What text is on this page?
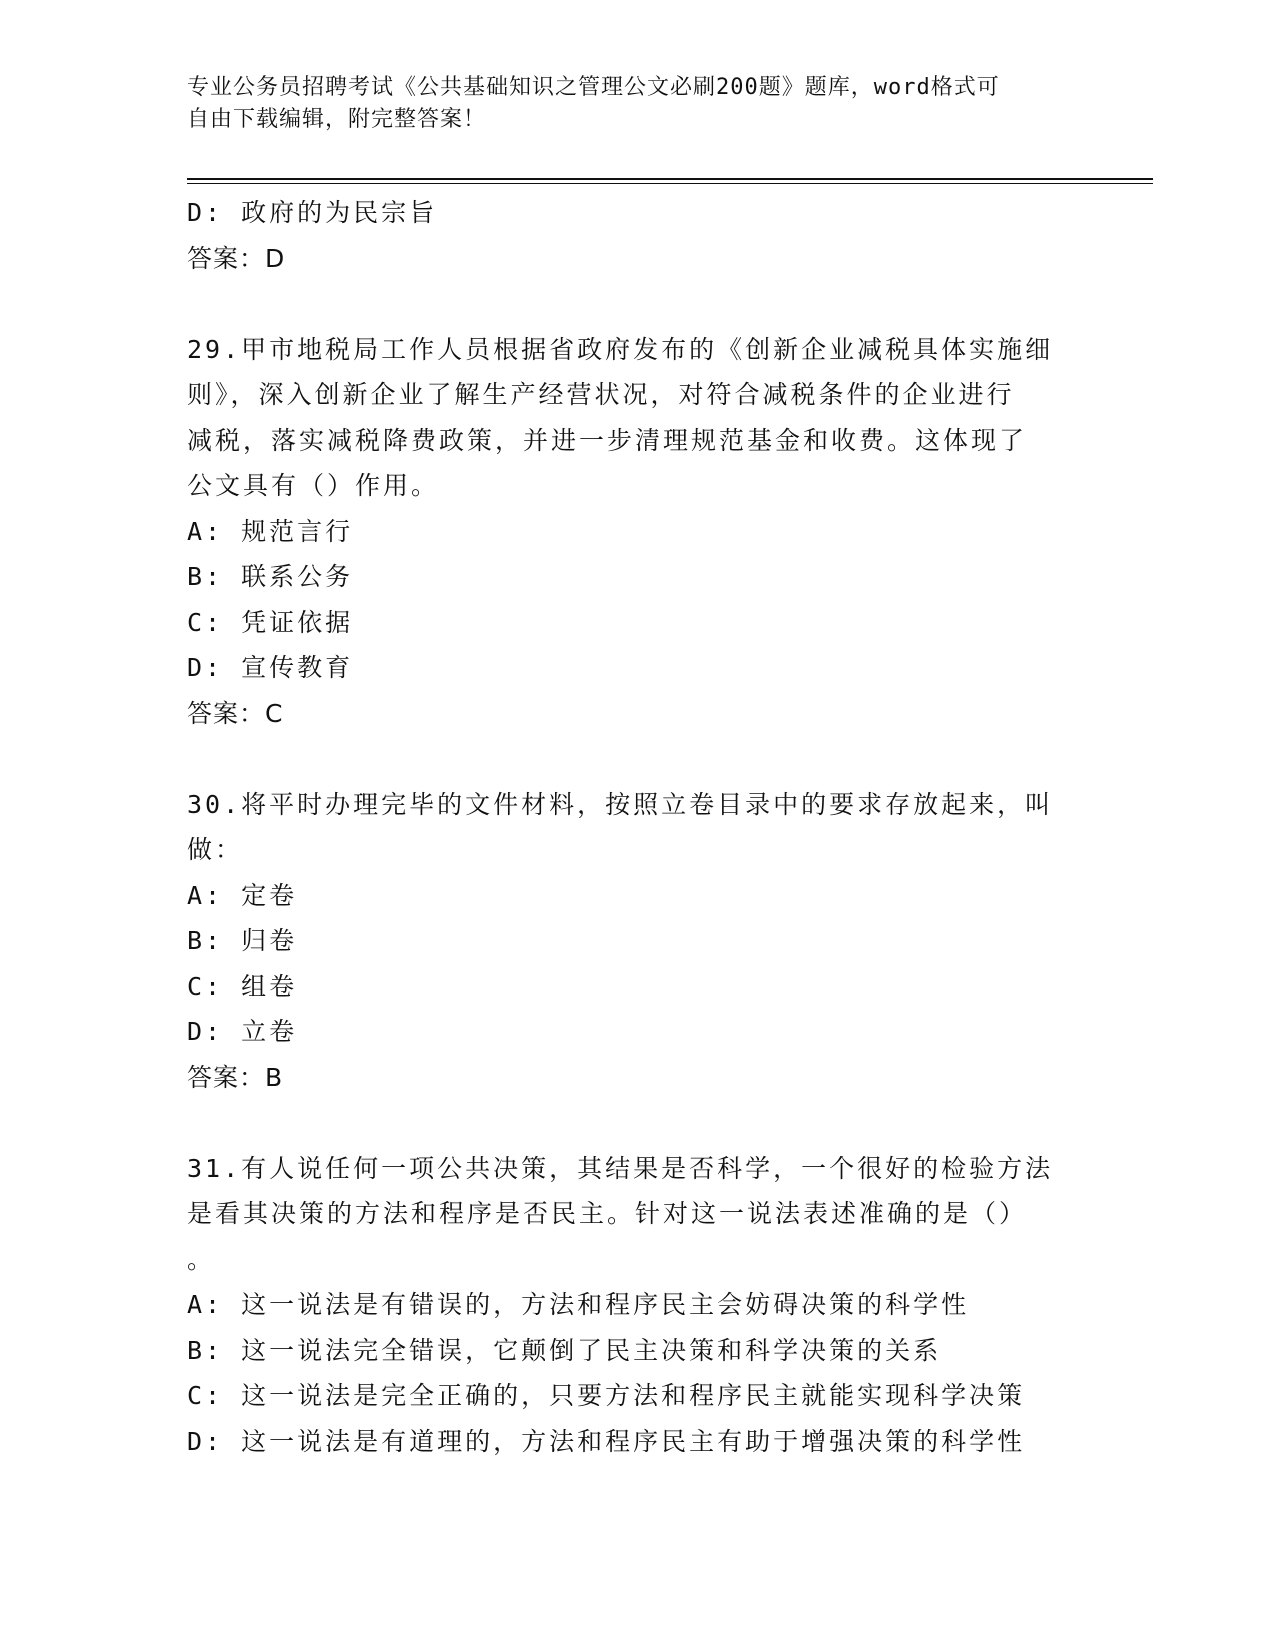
专业公务员招聘考试《公共基础知识之管理公文必刷200题》题库，word格式可
自由下载编辑，附完整答案！
D: 政府的为民宗旨
答案：D
29.甲市地税局工作人员根据省政府发布的《创新企业减税具体实施细
则》，深入创新企业了解生产经营状况，对符合减税条件的企业进行
减税，落实减税降费政策，并进一步清理规范基金和收费。这体现了
公文具有（）作用。
A: 规范言行
B: 联系公务
C: 凭证依据
D: 宣传教育
答案：C
30.将平时办理完毕的文件材料，按照立卷目录中的要求存放起来，叫
做：
A: 定卷
B: 归卷
C: 组卷
D: 立卷
答案：B
31.有人说任何一项公共决策，其结果是否科学，一个很好的检验方法
是看其决策的方法和程序是否民主。针对这一说法表述准确的是（）
。
A: 这一说法是有错误的，方法和程序民主会妨碍决策的科学性
B: 这一说法完全错误，它颠倒了民主决策和科学决策的关系
C: 这一说法是完全正确的，只要方法和程序民主就能实现科学决策
D: 这一说法是有道理的，方法和程序民主有助于增强决策的科学性
